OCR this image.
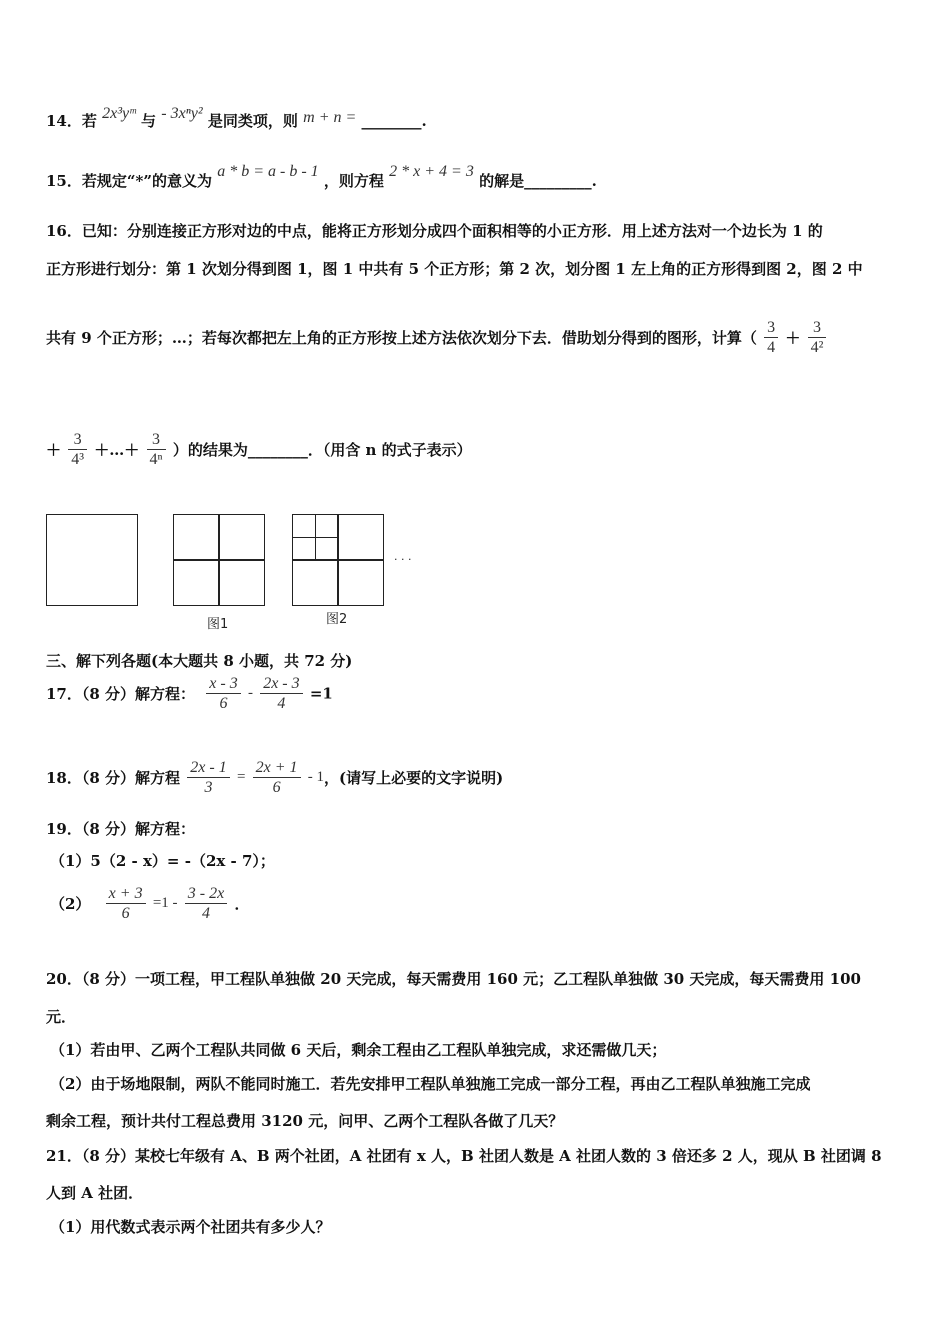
14．若 2x³yᵐ 与 - 3xⁿy² 是同类项，则 m + n = ________.
15．若规定“*”的意义为 a * b = a - b - 1 ，则方程 2 * x + 4 = 3 的解是_________.
16．已知：分别连接正方形对边的中点，能将正方形划分成四个面积相等的小正方形．用上述方法对一个边长为 1 的
正方形进行划分：第 1 次划分得到图 1，图 1 中共有 5 个正方形；第 2 次，划分图 1 左上角的正方形得到图 2，图 2 中
共有 9 个正方形；…；若每次都把左上角的正方形按上述方法依次划分下去．借助划分得到的图形，计算（ $\frac{3}{4} + \frac{3}{\text{4²}}$
＋ $\frac{3}{\text{4³}}$ ＋…＋ $\frac{3}{\text{4ⁿ}}$ ）的结果为________．（用含 n 的式子表示）
图1	图2
· · ·
三、解下列各题(本大题共 8 小题，共 72 分)
17．（8 分）解方程： $\frac{x - 3}{6} - \frac{2x - 3}{4} =1$
18．（8 分）解方程 $\frac{2x - 1}{3} = \frac{2x + 1}{6} - 1$，(请写上必要的文字说明)
19．（8 分）解方程：
（1）5（2 - x）= -（2x - 7）；
$(2) \frac{x + 3}{6} =1 - \frac{3 - 2x}{4}$ ．
20．（8 分）一项工程，甲工程队单独做 20 天完成，每天需费用 160 元；乙工程队单独做 30 天完成，每天需费用 100
元．
（1）若由甲、乙两个工程队共同做 6 天后，剩余工程由乙工程队单独完成，求还需做几天；
（2）由于场地限制，两队不能同时施工．若先安排甲工程队单独施工完成一部分工程，再由乙工程队单独施工完成
剩余工程，预计共付工程总费用 3120 元，问甲、乙两个工程队各做了几天？
21．（8 分）某校七年级有 A、B 两个社团，A 社团有 x 人，B 社团人数是 A 社团人数的 3 倍还多 2 人，现从 B 社团调 8
人到 A 社团．
（1）用代数式表示两个社团共有多少人？
